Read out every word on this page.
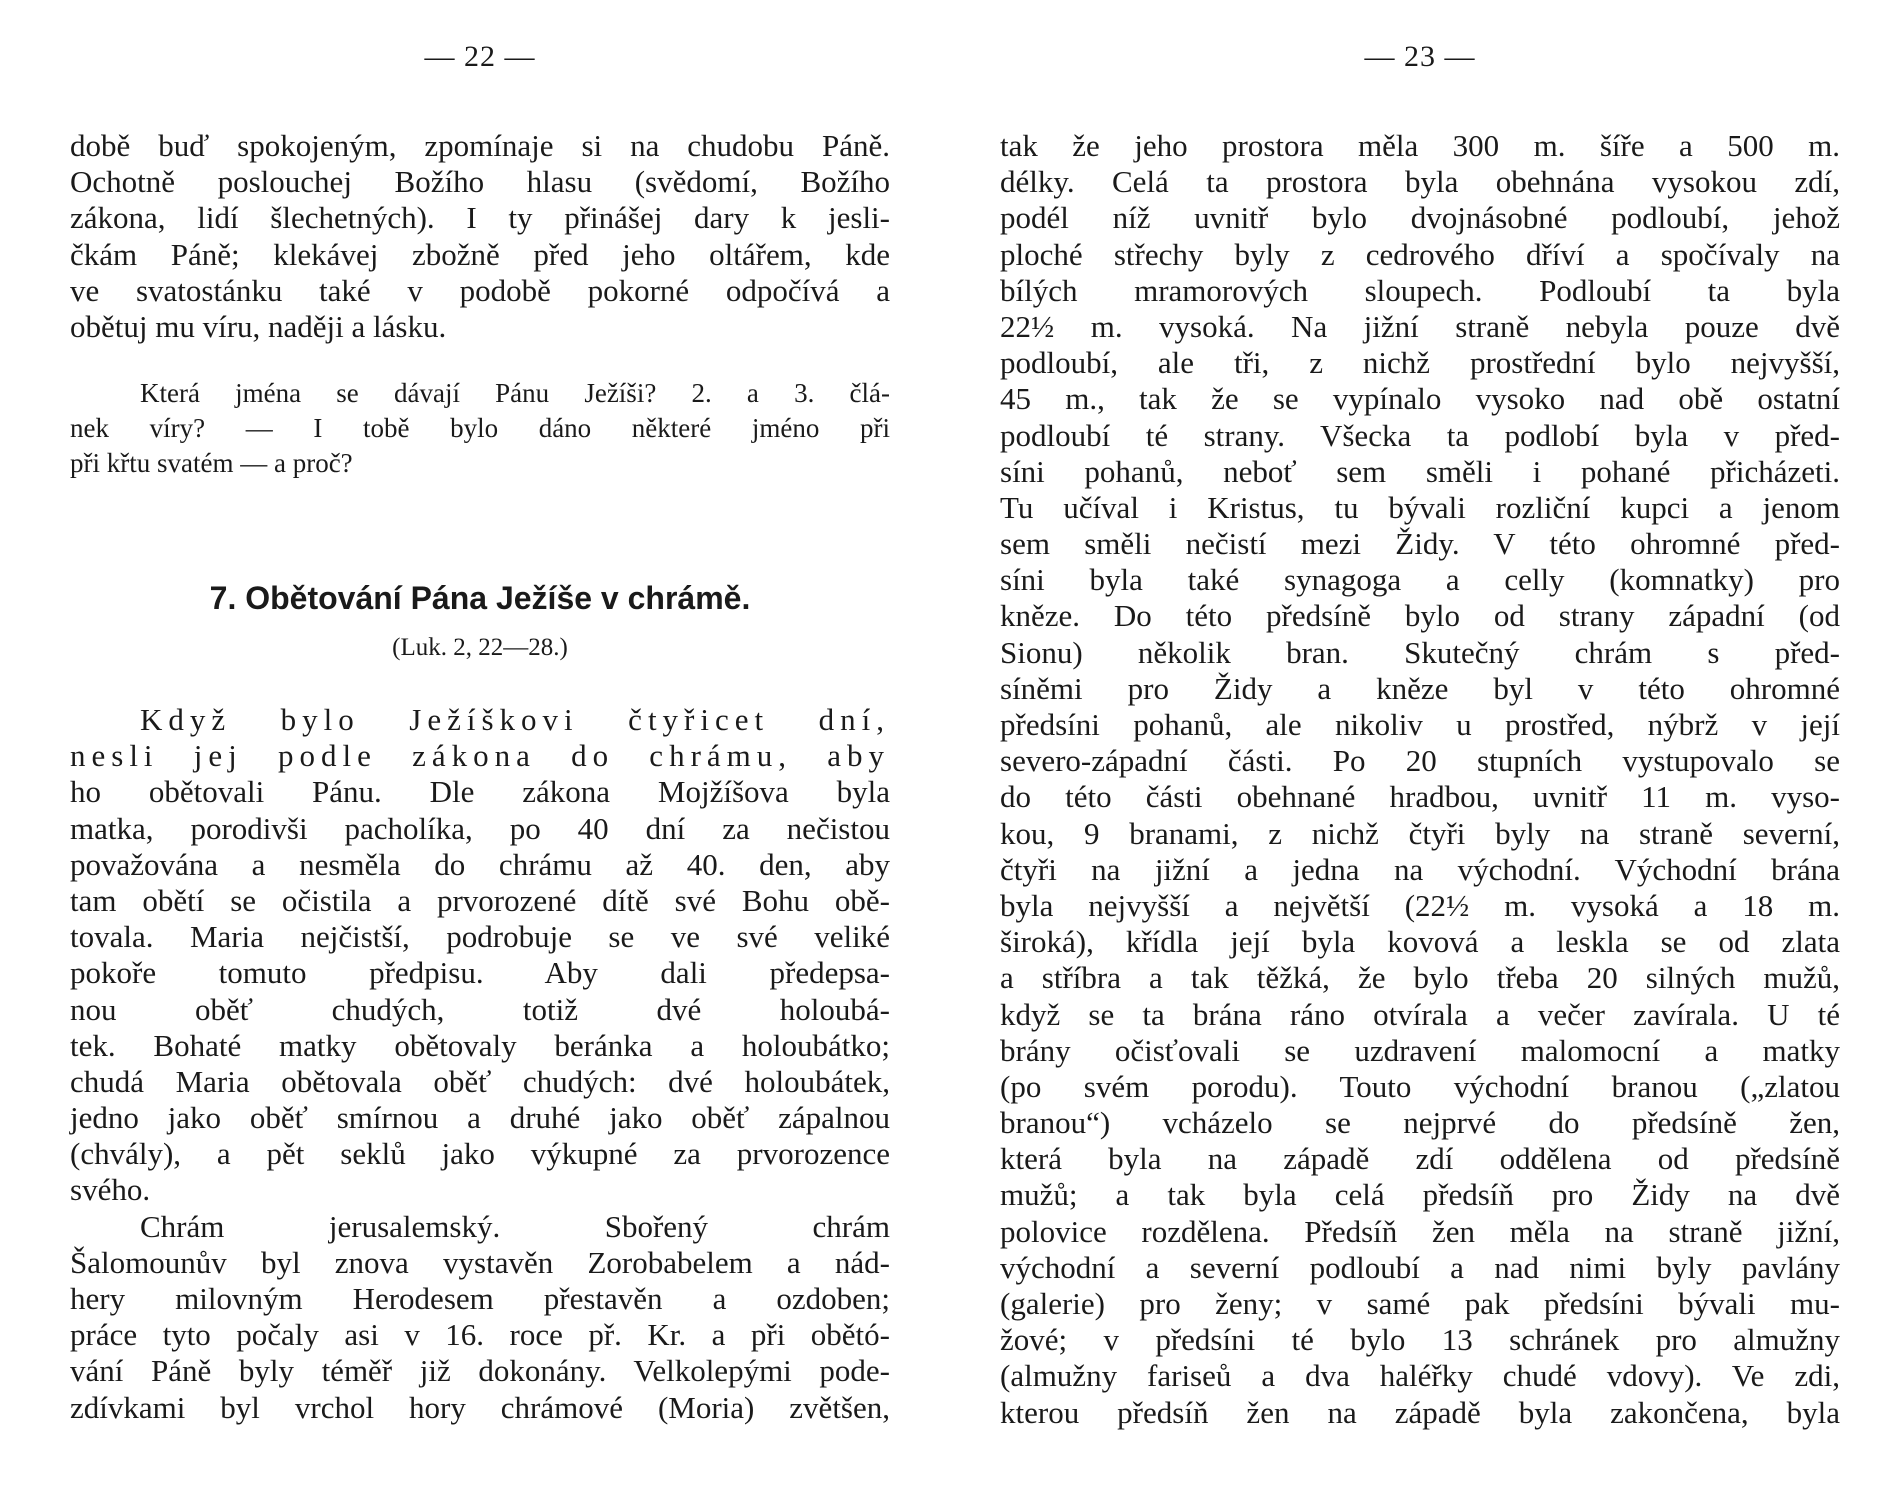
— 22 —
době buď spokojeným, zpomínaje si na chudobu Páně.
Ochotně poslouchej Božího hlasu (svědomí, Božího
zákona, lidí šlechetných). I ty přinášej dary k jesli-
čkám Páně; klekávej zbožně před jeho oltářem, kde
ve svatostánku také v podobě pokorné odpočívá a
obětuj mu víru, naději a lásku.
Která jména se dávají Pánu Ježíši? 2. a 3. člá-
nek víry? — I tobě bylo dáno některé jméno při
při křtu svatém — a proč?
7. Obětování Pána Ježíše v chrámě.
(Luk. 2, 22—28.)
Když bylo Ježíškovi čtyřicet dní,
nesli jej podle zákona do chrámu, aby
ho obětovali Pánu. Dle zákona Mojžíšova byla
matka, porodivši pacholíka, po 40 dní za nečistou
považována a nesměla do chrámu až 40. den, aby
tam obětí se očistila a prvorozené dítě své Bohu obě-
tovala. Maria nejčistší, podrobuje se ve své veliké
pokoře tomuto předpisu. Aby dali předepsa-
nou oběť chudých, totiž dvé holoubá-
tek. Bohaté matky obětovaly beránka a holoubátko;
chudá Maria obětovala oběť chudých: dvé holoubátek,
jedno jako oběť smírnou a druhé jako oběť zápalnou
(chvály), a pět seklů jako výkupné za prvorozence
svého.
Chrám jerusalemský. Sbořený chrám
Šalomounův byl znova vystavěn Zorobabelem a nád-
hery milovným Herodesem přestavěn a ozdoben;
práce tyto počaly asi v 16. roce př. Kr. a při obětó-
vání Páně byly téměř již dokonány. Velkolepými pode-
zdívkami byl vrchol hory chrámové (Moria) zvětšen,
— 23 —
tak že jeho prostora měla 300 m. šíře a 500 m.
délky. Celá ta prostora byla obehnána vysokou zdí,
podél níž uvnitř bylo dvojnásobné podloubí, jehož
ploché střechy byly z cedrového dříví a spočívaly na
bílých mramorových sloupech. Podloubí ta byla
22½ m. vysoká. Na jižní straně nebyla pouze dvě
podloubí, ale tři, z nichž prostřední bylo nejvyšší,
45 m., tak že se vypínalo vysoko nad obě ostatní
podloubí té strany. Všecka ta podlobí byla v před-
síni pohanů, neboť sem směli i pohané přicházeti.
Tu učíval i Kristus, tu bývali rozliční kupci a jenom
sem směli nečistí mezi Židy. V této ohromné před-
síni byla také synagoga a celly (komnatky) pro
kněze. Do této předsíně bylo od strany západní (od
Sionu) několik bran. Skutečný chrám s před-
síněmi pro Židy a kněze byl v této ohromné
předsíni pohanů, ale nikoliv u prostřed, nýbrž v její
severo-západní části. Po 20 stupních vystupovalo se
do této části obehnané hradbou, uvnitř 11 m. vyso-
kou, 9 branami, z nichž čtyři byly na straně severní,
čtyři na jižní a jedna na východní. Východní brána
byla nejvyšší a největší (22½ m. vysoká a 18 m.
široká), křídla její byla kovová a leskla se od zlata
a stříbra a tak těžká, že bylo třeba 20 silných mužů,
když se ta brána ráno otvírala a večer zavírala. U té
brány očisťovali se uzdravení malomocní a matky
(po svém porodu). Touto východní branou („zlatou
branou“) vcházelo se nejprvé do předsíně žen,
která byla na západě zdí oddělena od předsíně
mužů; a tak byla celá předsíň pro Židy na dvě
polovice rozdělena. Předsíň žen měla na straně jižní,
východní a severní podloubí a nad nimi byly pavlány
(galerie) pro ženy; v samé pak předsíni bývali mu-
žové; v předsíni té bylo 13 schránek pro almužny
(almužny fariseů a dva haléřky chudé vdovy). Ve zdi,
kterou předsíň žen na západě byla zakončena, byla
